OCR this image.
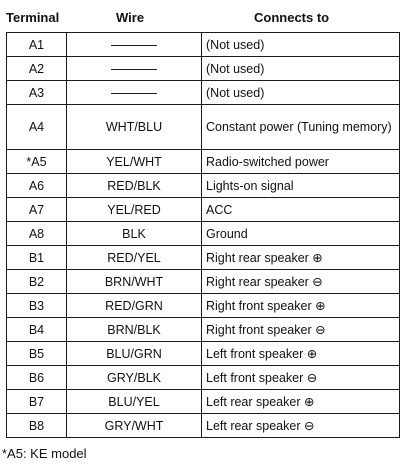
Terminal	Wire	Connects to
A1		(Not used)
A2		(Not used)
A3		(Not used)
A4	WHT/BLU	Constant power (Tuning memory)
*A5	YEL/WHT	Radio-switched power
A6	RED/BLK	Lights-on signal
A7	YEL/RED	ACC
A8	BLK	Ground
B1	RED/YEL	Right rear speaker ⊕
B2	BRN/WHT	Right rear speaker ⊖
B3	RED/GRN	Right front speaker ⊕
B4	BRN/BLK	Right front speaker ⊖
B5	BLU/GRN	Left front speaker ⊕
B6	GRY/BLK	Left front speaker ⊖
B7	BLU/YEL	Left rear speaker ⊕
B8	GRY/WHT	Left rear speaker ⊖
*A5: KE model
